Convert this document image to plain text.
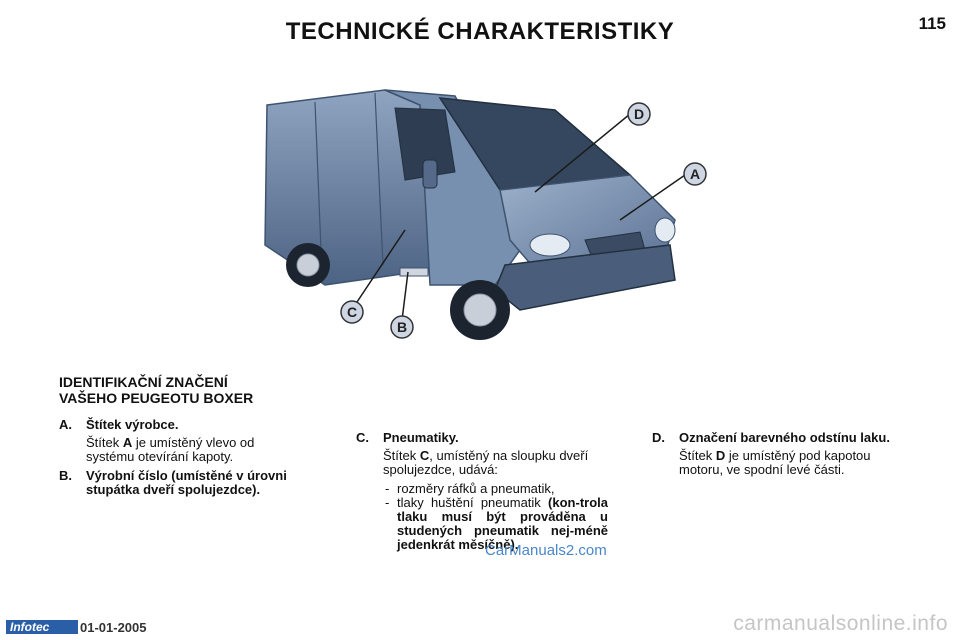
TECHNICKÉ CHARAKTERISTIKY	115
D
A
C
B
IDENTIFIKAČNÍ ZNAČENÍ
VAŠEHO PEUGEOTU BOXER
A. Štítek výrobce.
Štítek A je umístěný vlevo od systému otevírání kapoty.
B. Výrobní číslo (umístěné v úrovni stupátka dveří spolujezdce).
C. Pneumatiky.
Štítek C, umístěný na sloupku dveří spolujezdce, udává:
- rozměry ráfků a pneumatik,
- tlaky huštění pneumatik (kon-trola tlaku musí být prováděna u studených pneumatik nej-méně jedenkrát měsíčně).
D. Označení barevného odstínu laku.
Štítek D je umístěný pod kapotou motoru, ve spodní levé části.
CarManuals2.com
Infotec	01-01-2005	carmanualsonline.info
